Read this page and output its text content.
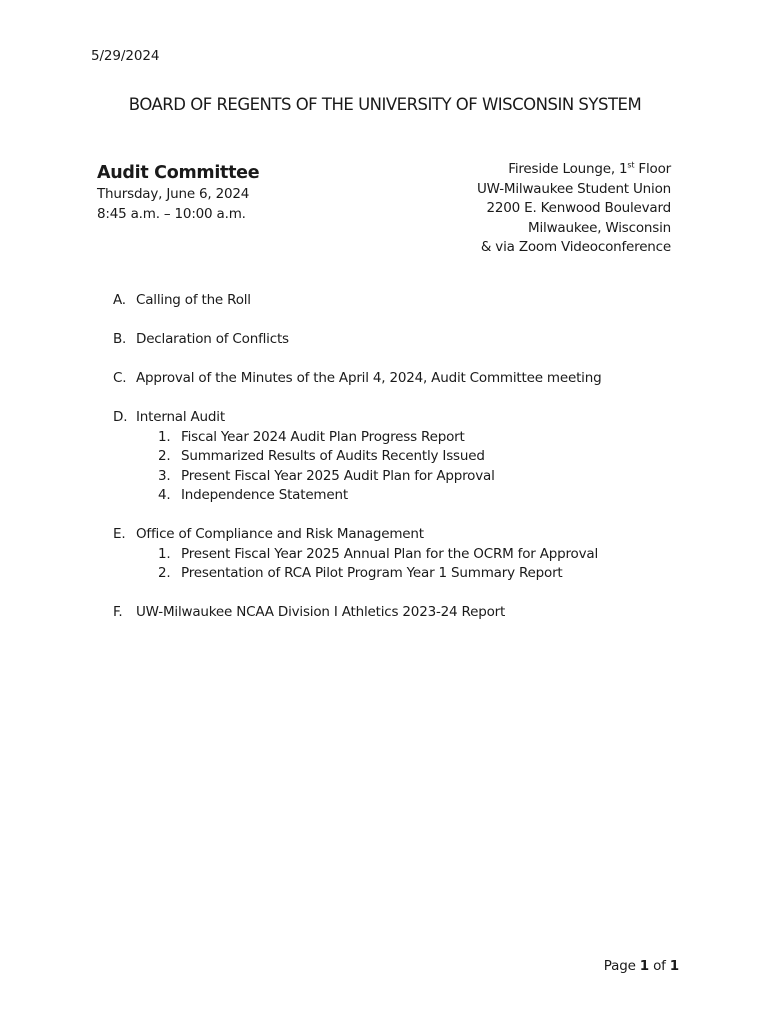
5/29/2024
BOARD OF REGENTS OF THE UNIVERSITY OF WISCONSIN SYSTEM
Audit Committee
Thursday, June 6, 2024
8:45 a.m. – 10:00 a.m.
Fireside Lounge, 1st Floor
UW-Milwaukee Student Union
2200 E. Kenwood Boulevard
Milwaukee, Wisconsin
& via Zoom Videoconference
A. Calling of the Roll
B. Declaration of Conflicts
C. Approval of the Minutes of the April 4, 2024, Audit Committee meeting
D. Internal Audit
1. Fiscal Year 2024 Audit Plan Progress Report
2. Summarized Results of Audits Recently Issued
3. Present Fiscal Year 2025 Audit Plan for Approval
4. Independence Statement
E. Office of Compliance and Risk Management
1. Present Fiscal Year 2025 Annual Plan for the OCRM for Approval
2. Presentation of RCA Pilot Program Year 1 Summary Report
F.	UW-Milwaukee NCAA Division I Athletics 2023-24 Report
Page 1 of 1
